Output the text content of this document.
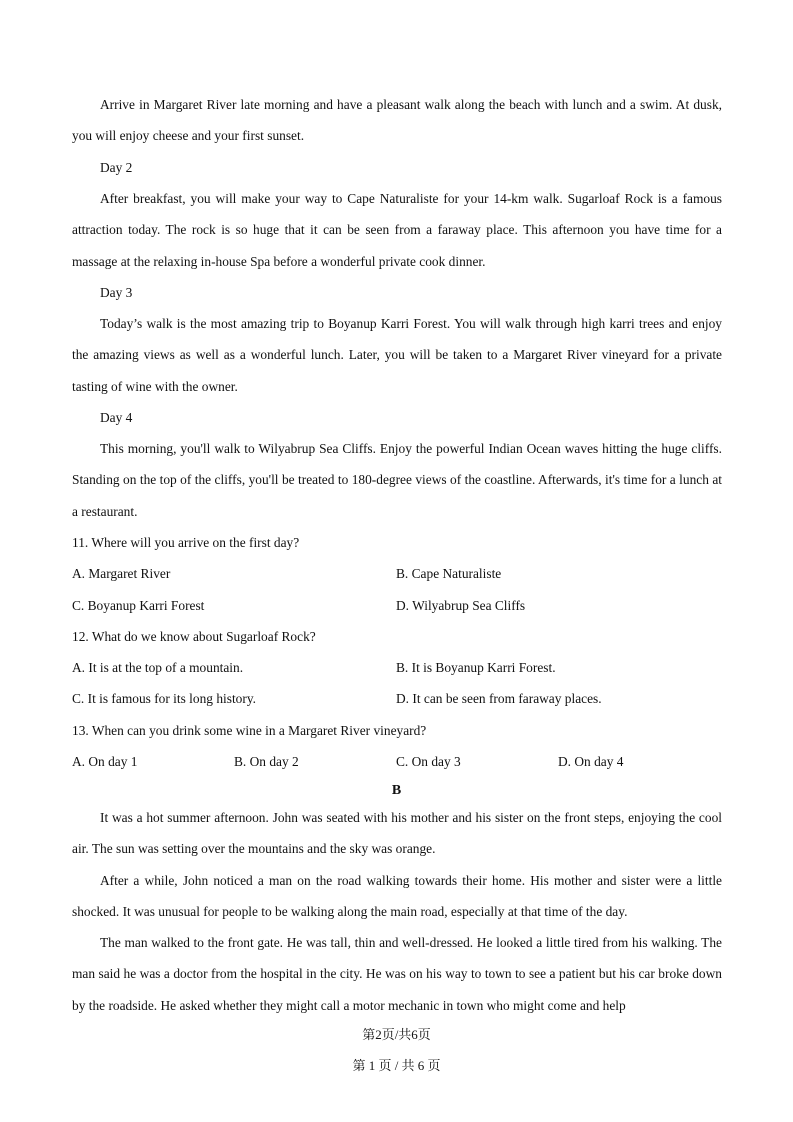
Arrive in Margaret River late morning and have a pleasant walk along the beach with lunch and a swim. At dusk, you will enjoy cheese and your first sunset.

Day 2

After breakfast, you will make your way to Cape Naturaliste for your 14-km walk. Sugarloaf Rock is a famous attraction today. The rock is so huge that it can be seen from a faraway place. This afternoon you have time for a massage at the relaxing in-house Spa before a wonderful private cook dinner.

Day 3

Today’s walk is the most amazing trip to Boyanup Karri Forest. You will walk through high karri trees and enjoy the amazing views as well as a wonderful lunch. Later, you will be taken to a Margaret River vineyard for a private tasting of wine with the owner.

Day 4

This morning, you'll walk to Wilyabrup Sea Cliffs. Enjoy the powerful Indian Ocean waves hitting the huge cliffs. Standing on the top of the cliffs, you'll be treated to 180-degree views of the coastline. Afterwards, it's time for a lunch at a restaurant.

11. Where will you arrive on the first day?
A. Margaret River	B. Cape Naturaliste
C. Boyanup Karri Forest	D. Wilyabrup Sea Cliffs
12. What do we know about Sugarloaf Rock?
A. It is at the top of a mountain.	B. It is Boyanup Karri Forest.
C. It is famous for its long history.	D. It can be seen from faraway places.
13. When can you drink some wine in a Margaret River vineyard?
A. On day 1	B. On day 2	C. On day 3	D. On day 4
B

It was a hot summer afternoon. John was seated with his mother and his sister on the front steps, enjoying the cool air. The sun was setting over the mountains and the sky was orange.

After a while, John noticed a man on the road walking towards their home. His mother and sister were a little shocked. It was unusual for people to be walking along the main road, especially at that time of the day.

The man walked to the front gate. He was tall, thin and well-dressed. He looked a little tired from his walking. The man said he was a doctor from the hospital in the city. He was on his way to town to see a patient but his car broke down by the roadside. He asked whether they might call a motor mechanic in town who might come and help

第2页/共6页
第 1 页 / 共 6 页
